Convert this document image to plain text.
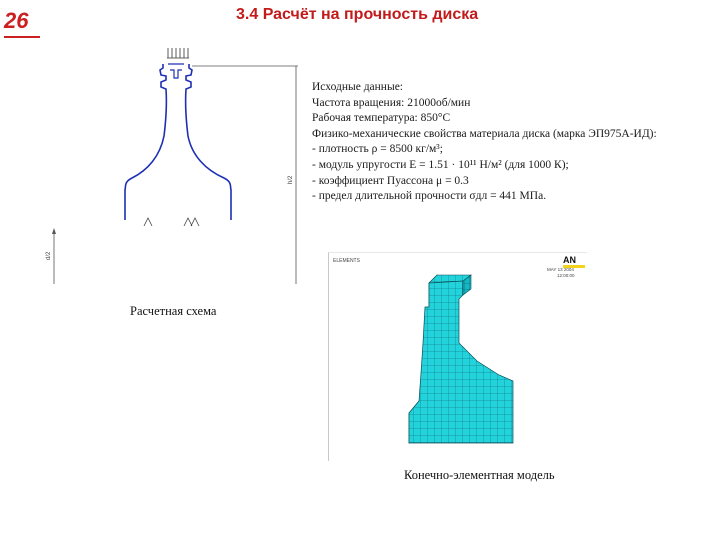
26	3.4 Расчёт на прочность диска
h/2
d/2
Исходные данные:
Частота вращения: 21000об/мин
Рабочая температура: 850°C
Физико-механические свойства материала диска (марка ЭП975А-ИД):
- плотность ρ = 8500 кг/м³;
- модуль упругости E = 1.51 · 10¹¹ Н/м² (для 1000 К);
- коэффициент Пуассона μ = 0.3
- предел длительной прочности σдл = 441 МПа.
Расчетная схема
ELEMENTS	AN
MAY 13 2004
12:00:00
Конечно-элементная модель
